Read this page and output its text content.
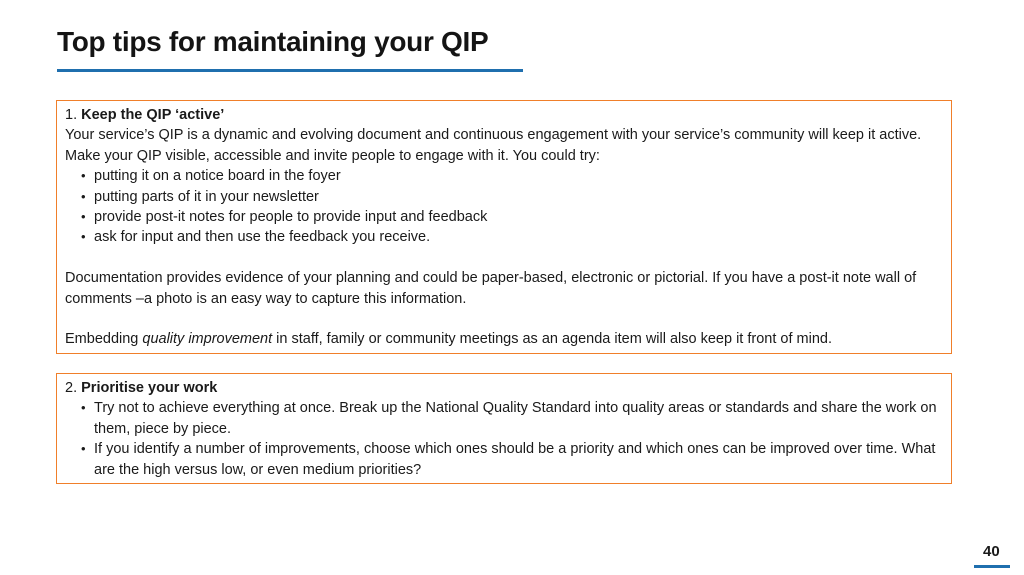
Top tips for maintaining your QIP

1. Keep the QIP ‘active’

Your service’s QIP is a dynamic and evolving document and continuous engagement with your service’s community will keep it active. Make your QIP visible, accessible and invite people to engage with it. You could try:

• putting it on a notice board in the foyer
• putting parts of it in your newsletter
• provide post-it notes for people to provide input and feedback
• ask for input and then use the feedback you receive.

Documentation provides evidence of your planning and could be paper-based, electronic or pictorial. If you have a post-it note wall of comments –a photo is an easy way to capture this information.

Embedding quality improvement in staff, family or community meetings as an agenda item will also keep it front of mind.

2. Prioritise your work

• Try not to achieve everything at once. Break up the National Quality Standard into quality areas or standards and share the work on them, piece by piece.
• If you identify a number of improvements, choose which ones should be a priority and which ones can be improved over time. What are the high versus low, or even medium priorities?
40
